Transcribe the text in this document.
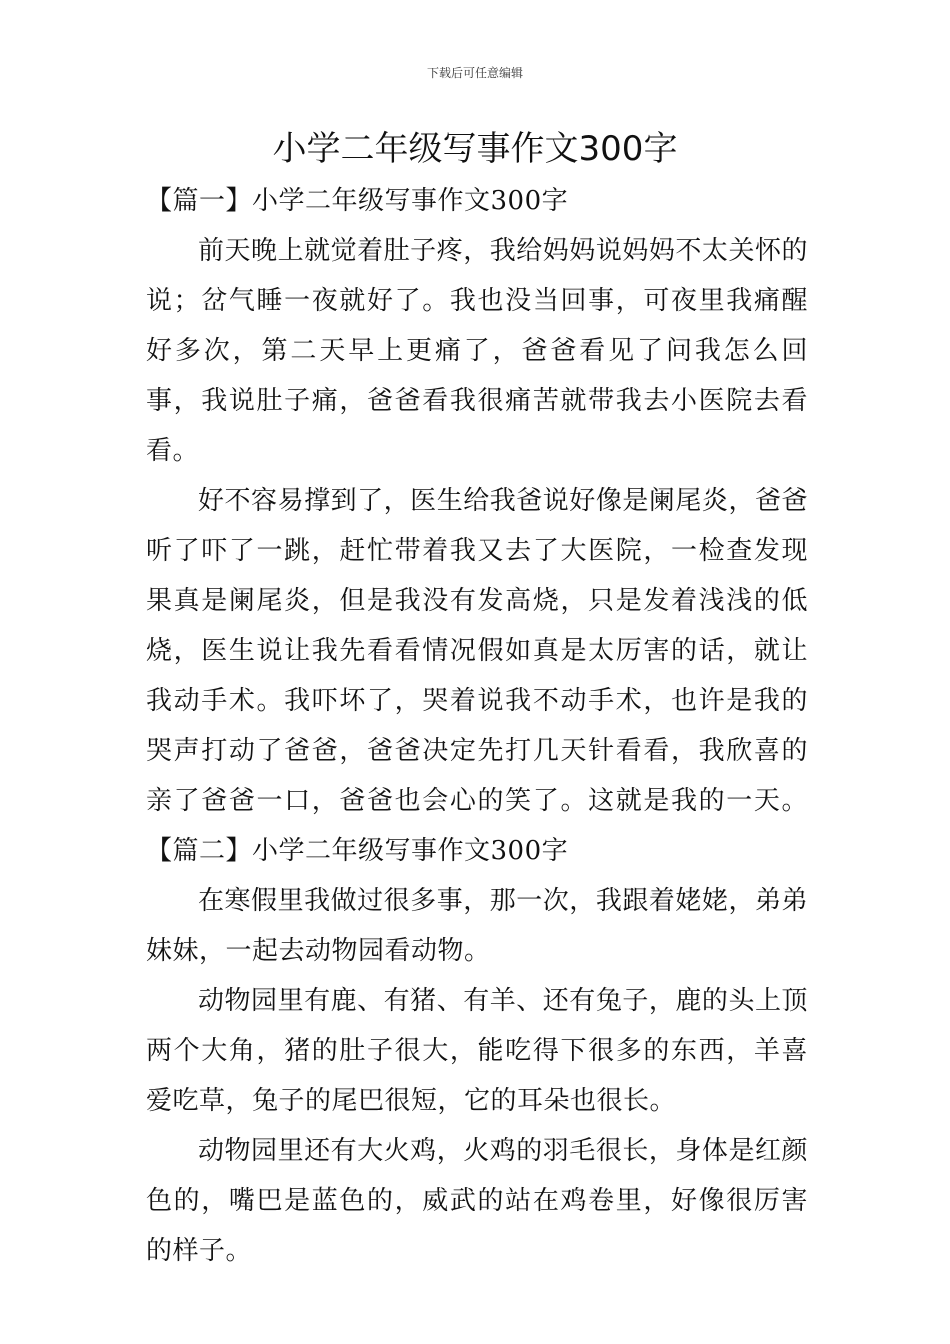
下载后可任意编辑
小学二年级写事作文300字

【篇一】小学二年级写事作文300字

前天晚上就觉着肚子疼，我给妈妈说妈妈不太关怀的说；岔气睡一夜就好了。我也没当回事，可夜里我痛醒好多次，第二天早上更痛了，爸爸看见了问我怎么回事，我说肚子痛，爸爸看我很痛苦就带我去小医院去看看。

好不容易撑到了，医生给我爸说好像是阑尾炎，爸爸听了吓了一跳，赶忙带着我又去了大医院，一检查发现果真是阑尾炎，但是我没有发高烧，只是发着浅浅的低烧，医生说让我先看看情况假如真是太厉害的话，就让我动手术。我吓坏了，哭着说我不动手术，也许是我的哭声打动了爸爸，爸爸决定先打几天针看看，我欣喜的亲了爸爸一口，爸爸也会心的笑了。这就是我的一天。【篇二】小学二年级写事作文300字

在寒假里我做过很多事，那一次，我跟着姥姥，弟弟妹妹，一起去动物园看动物。

动物园里有鹿、有猪、有羊、还有兔子，鹿的头上顶两个大角，猪的肚子很大，能吃得下很多的东西，羊喜爱吃草，兔子的尾巴很短，它的耳朵也很长。

动物园里还有大火鸡，火鸡的羽毛很长，身体是红颜色的，嘴巴是蓝色的，威武的站在鸡卷里，好像很厉害的样子。
